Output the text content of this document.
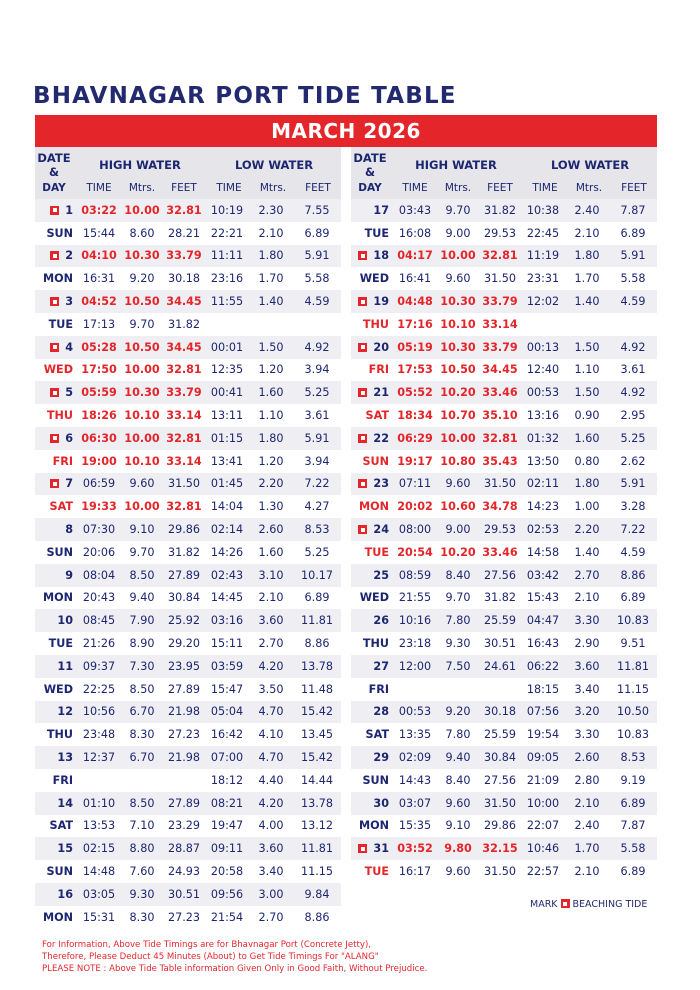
BHAVNAGAR PORT TIDE TABLE
MARCH 2026
DATE
&	HIGH WATER	LOW WATER
DAY	TIME	Mtrs.	FEET	TIME	Mtrs.	FEET
1	03:22	10.00	32.81	10:19	2.30	7.55
SUN	15:44	8.60	28.21	22:21	2.10	6.89
2	04:10	10.30	33.79	11:11	1.80	5.91
MON	16:31	9.20	30.18	23:16	1.70	5.58
3	04:52	10.50	34.45	11:55	1.40	4.59
TUE	17:13	9.70	31.82			
4	05:28	10.50	34.45	00:01	1.50	4.92
WED	17:50	10.00	32.81	12:35	1.20	3.94
5	05:59	10.30	33.79	00:41	1.60	5.25
THU	18:26	10.10	33.14	13:11	1.10	3.61
6	06:30	10.00	32.81	01:15	1.80	5.91
FRI	19:00	10.10	33.14	13:41	1.20	3.94
7	06:59	9.60	31.50	01:45	2.20	7.22
SAT	19:33	10.00	32.81	14:04	1.30	4.27
8	07:30	9.10	29.86	02:14	2.60	8.53
SUN	20:06	9.70	31.82	14:26	1.60	5.25
9	08:04	8.50	27.89	02:43	3.10	10.17
MON	20:43	9.40	30.84	14:45	2.10	6.89
10	08:45	7.90	25.92	03:16	3.60	11.81
TUE	21:26	8.90	29.20	15:11	2.70	8.86
11	09:37	7.30	23.95	03:59	4.20	13.78
WED	22:25	8.50	27.89	15:47	3.50	11.48
12	10:56	6.70	21.98	05:04	4.70	15.42
THU	23:48	8.30	27.23	16:42	4.10	13.45
13	12:37	6.70	21.98	07:00	4.70	15.42
FRI				18:12	4.40	14.44
14	01:10	8.50	27.89	08:21	4.20	13.78
SAT	13:53	7.10	23.29	19:47	4.00	13.12
15	02:15	8.80	28.87	09:11	3.60	11.81
SUN	14:48	7.60	24.93	20:58	3.40	11.15
16	03:05	9.30	30.51	09:56	3.00	9.84
MON	15:31	8.30	27.23	21:54	2.70	8.86
DATE
&	HIGH WATER	LOW WATER
DAY	TIME	Mtrs.	FEET	TIME	Mtrs.	FEET
17	03:43	9.70	31.82	10:38	2.40	7.87
TUE	16:08	9.00	29.53	22:45	2.10	6.89
18	04:17	10.00	32.81	11:19	1.80	5.91
WED	16:41	9.60	31.50	23:31	1.70	5.58
19	04:48	10.30	33.79	12:02	1.40	4.59
THU	17:16	10.10	33.14			
20	05:19	10.30	33.79	00:13	1.50	4.92
FRI	17:53	10.50	34.45	12:40	1.10	3.61
21	05:52	10.20	33.46	00:53	1.50	4.92
SAT	18:34	10.70	35.10	13:16	0.90	2.95
22	06:29	10.00	32.81	01:32	1.60	5.25
SUN	19:17	10.80	35.43	13:50	0.80	2.62
23	07:11	9.60	31.50	02:11	1.80	5.91
MON	20:02	10.60	34.78	14:23	1.00	3.28
24	08:00	9.00	29.53	02:53	2.20	7.22
TUE	20:54	10.20	33.46	14:58	1.40	4.59
25	08:59	8.40	27.56	03:42	2.70	8.86
WED	21:55	9.70	31.82	15:43	2.10	6.89
26	10:16	7.80	25.59	04:47	3.30	10.83
THU	23:18	9.30	30.51	16:43	2.90	9.51
27	12:00	7.50	24.61	06:22	3.60	11.81
FRI				18:15	3.40	11.15
28	00:53	9.20	30.18	07:56	3.20	10.50
SAT	13:35	7.80	25.59	19:54	3.30	10.83
29	02:09	9.40	30.84	09:05	2.60	8.53
SUN	14:43	8.40	27.56	21:09	2.80	9.19
30	03:07	9.60	31.50	10:00	2.10	6.89
MON	15:35	9.10	29.86	22:07	2.40	7.87
31	03:52	9.80	32.15	10:46	1.70	5.58
TUE	16:17	9.60	31.50	22:57	2.10	6.89
MARK BEACHING TIDE
For Information, Above Tide Timings are for Bhavnagar Port (Concrete Jetty),
Therefore, Please Deduct 45 Minutes (About) to Get Tide Timings For "ALANG"
PLEASE NOTE : Above Tide Table information Given Only in Good Faith, Without Prejudice.
